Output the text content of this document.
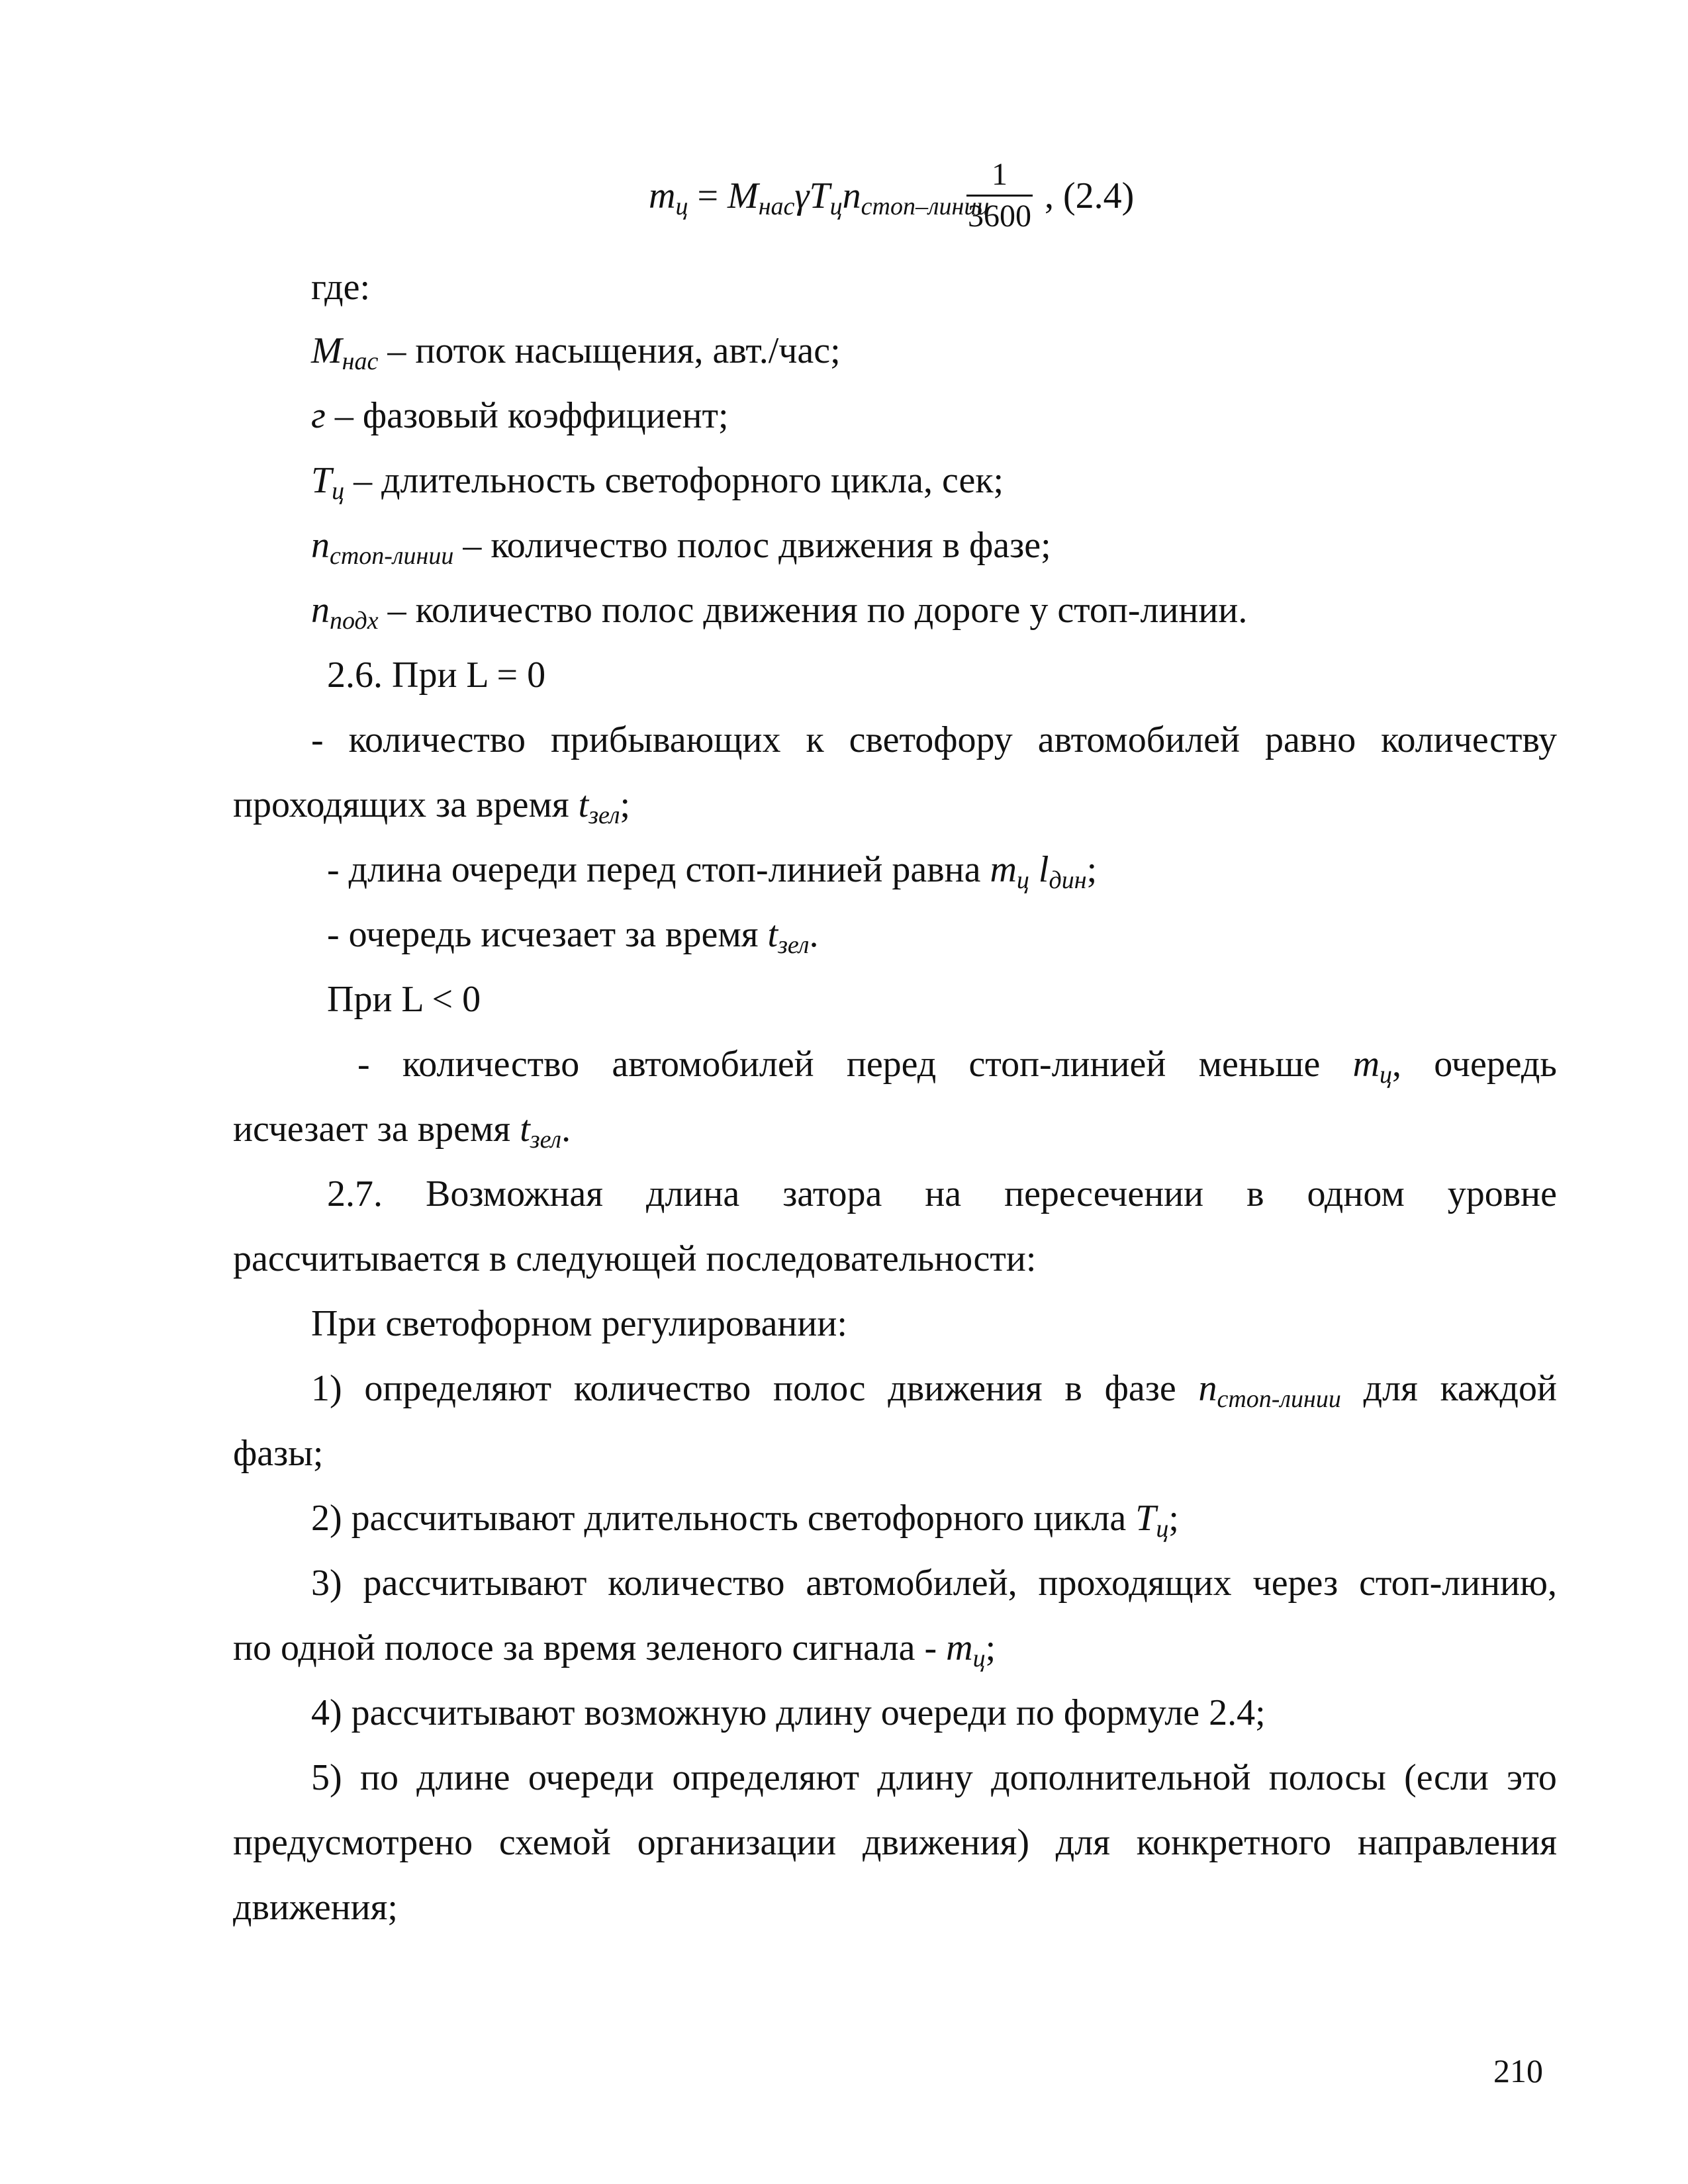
$m_ц = M_{нас}\gamma T_цn_{стоп-линии}$
1
3600 , (2.4)
где:
$M_{нас}$ – поток насыщения, авт./час;
г – фазовый коэффициент;
$T_ц$ – длительность светофорного цикла, сек;
$n_{стоп-линии}$ – количество полос движения в фазе;
$n_{подх}$ – количество полос движения по дороге у стоп-линии.
2.6. При L = 0
- количество прибывающих к светофору автомобилей равно количеству
проходящих за время $t_{зел}$;
- длина очереди перед стоп-линией равна $m_ц$ $l_{дин}$;
- очередь исчезает за время $t_{зел}$.
При L < 0
- количество автомобилей перед стоп-линией меньше $m_ц$, очередь
исчезает за время $t_{зел}$.
2.7. Возможная длина затора на пересечении в одном уровне
рассчитывается в следующей последовательности:
При светофорном регулировании:
1) определяют количество полос движения в фазе $n_{стоп-линии}$ для каждой
фазы;
2) рассчитывают длительность светофорного цикла $T_ц$;
3) рассчитывают количество автомобилей, проходящих через стоп-линию,
по одной полосе за время зеленого сигнала - $m_ц$;
4) рассчитывают возможную длину очереди по формуле 2.4;
5) по длине очереди определяют длину дополнительной полосы (если это
предусмотрено схемой организации движения) для конкретного направления
движения;
210
